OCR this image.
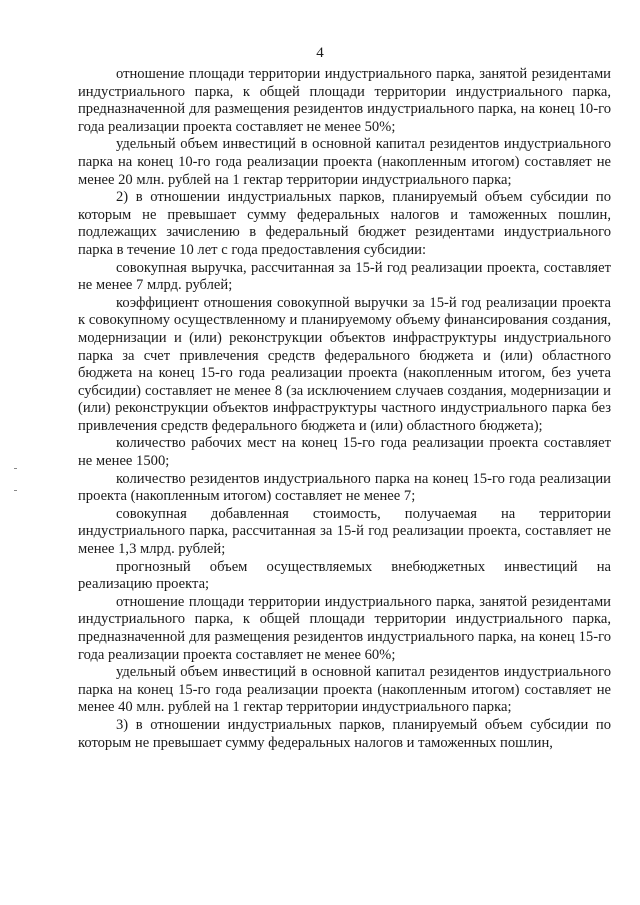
4

отношение площади территории индустриального парка, занятой резидентами индустриального парка, к общей площади территории индустриального парка, предназначенной для размещения резидентов индустриального парка, на конец 10-го года реализации проекта составляет не менее 50%;

удельный объем инвестиций в основной капитал резидентов индустриального парка на конец 10-го года реализации проекта (накопленным итогом) составляет не менее 20 млн. рублей на 1 гектар территории индустриального парка;

2) в отношении индустриальных парков, планируемый объем субсидии по которым не превышает сумму федеральных налогов и таможенных пошлин, подлежащих зачислению в федеральный бюджет резидентами индустриального парка в течение 10 лет с года предоставления субсидии:

совокупная выручка, рассчитанная за 15-й год реализации проекта, составляет не менее 7 млрд. рублей;

коэффициент отношения совокупной выручки за 15-й год реализации проекта к совокупному осуществленному и планируемому объему финансирования создания, модернизации и (или) реконструкции объектов инфраструктуры индустриального парка за счет привлечения средств федерального бюджета и (или) областного бюджета на конец 15-го года реализации проекта (накопленным итогом, без учета субсидии) составляет не менее 8 (за исключением случаев создания, модернизации и (или) реконструкции объектов инфраструктуры частного индустриального парка без привлечения средств федерального бюджета и (или) областного бюджета);

количество рабочих мест на конец 15-го года реализации проекта составляет не менее 1500;

количество резидентов индустриального парка на конец 15-го года реализации проекта (накопленным итогом) составляет не менее 7;

совокупная добавленная стоимость, получаемая на территории индустриального парка, рассчитанная за 15-й год реализации проекта, составляет не менее 1,3 млрд. рублей;

прогнозный объем осуществляемых внебюджетных инвестиций на реализацию проекта;

отношение площади территории индустриального парка, занятой резидентами индустриального парка, к общей площади территории индустриального парка, предназначенной для размещения резидентов индустриального парка, на конец 15-го года реализации проекта составляет не менее 60%;

удельный объем инвестиций в основной капитал резидентов индустриального парка на конец 15-го года реализации проекта (накопленным итогом) составляет не менее 40 млн. рублей на 1 гектар территории индустриального парка;

3) в отношении индустриальных парков, планируемый объем субсидии по которым не превышает сумму федеральных налогов и таможенных пошлин,
